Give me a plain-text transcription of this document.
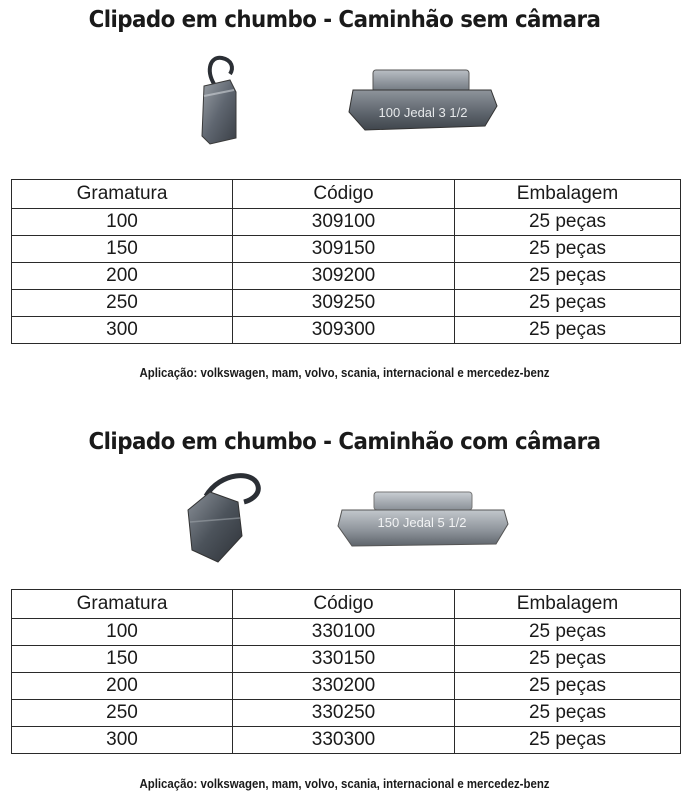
Clipado em chumbo - Caminhão sem câmara
100 Jedal 3 1/2
Gramatura	Código	Embalagem
100	309100	25 peças
150	309150	25 peças
200	309200	25 peças
250	309250	25 peças
300	309300	25 peças
Aplicação: volkswagen, mam, volvo, scania, internacional e mercedez-benz
Clipado em chumbo - Caminhão com câmara
150 Jedal 5 1/2
Gramatura	Código	Embalagem
100	330100	25 peças
150	330150	25 peças
200	330200	25 peças
250	330250	25 peças
300	330300	25 peças
Aplicação: volkswagen, mam, volvo, scania, internacional e mercedez-benz
